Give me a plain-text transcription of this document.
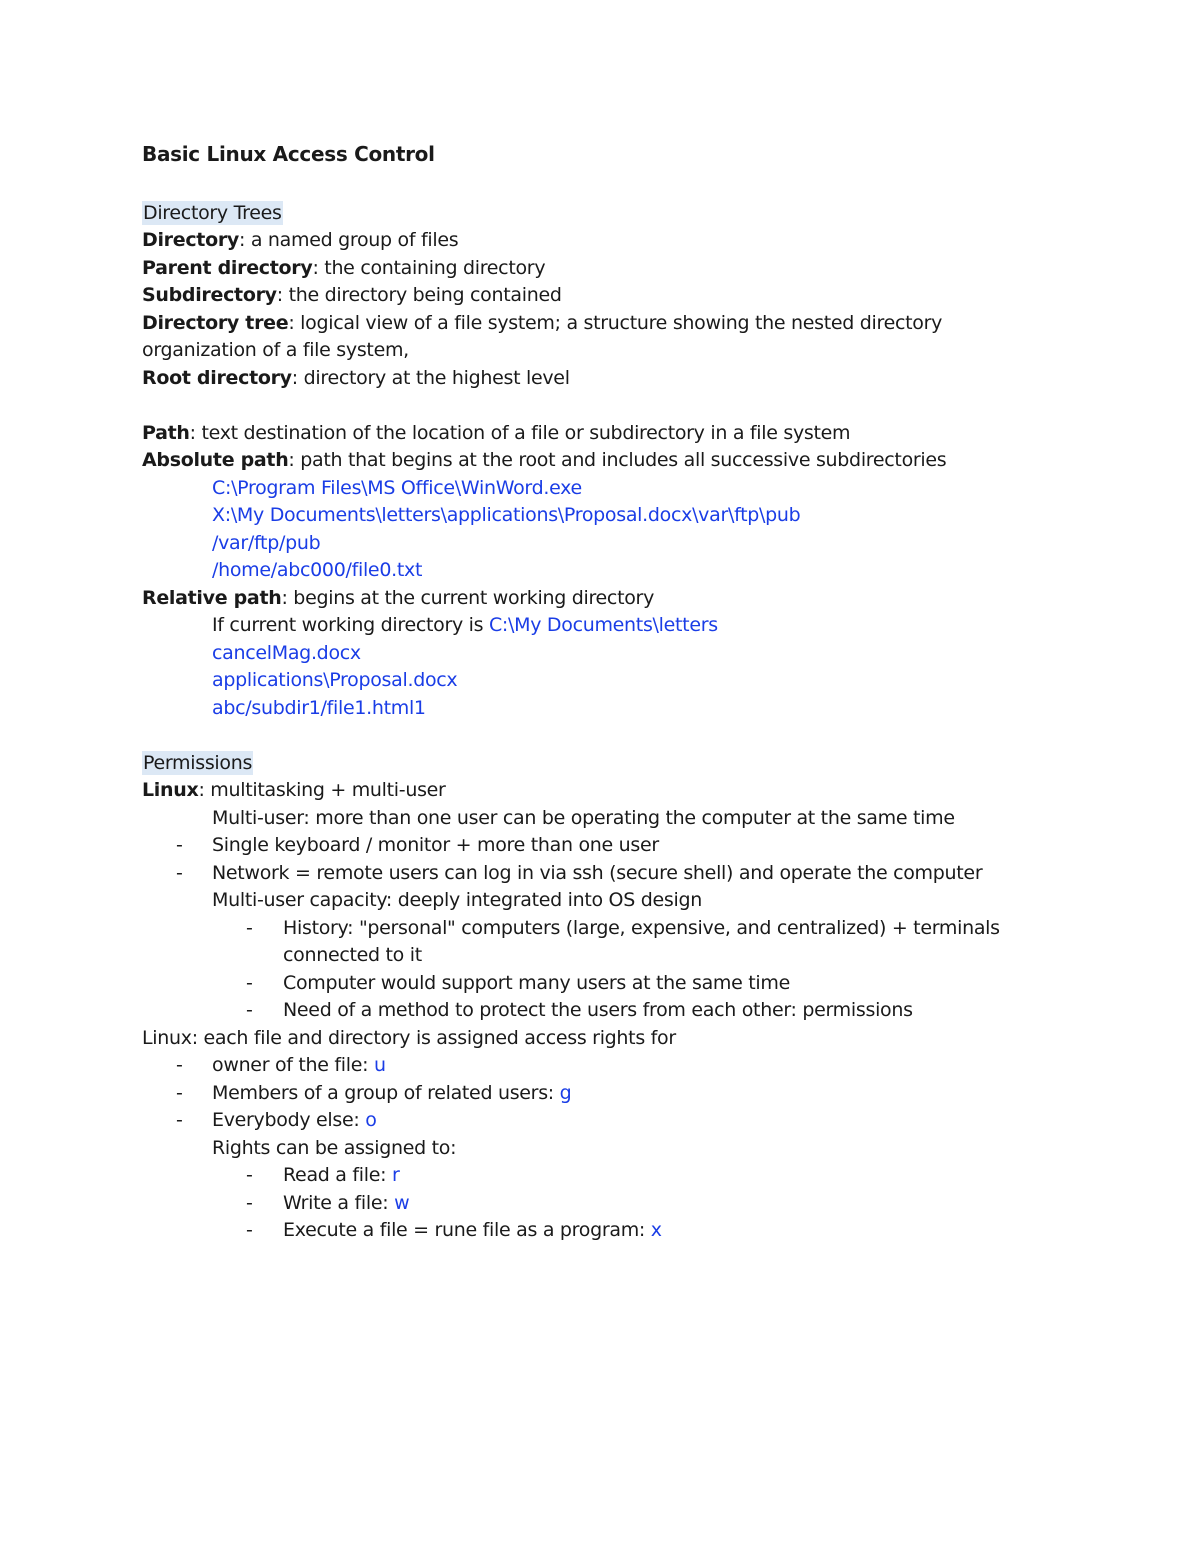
Basic Linux Access Control
Directory Trees
Directory: a named group of files
Parent directory: the containing directory
Subdirectory: the directory being contained
Directory tree: logical view of a file system; a structure showing the nested directory
organization of a file system,
Root directory: directory at the highest level
Path: text destination of the location of a file or subdirectory in a file system
Absolute path: path that begins at the root and includes all successive subdirectories
C:\Program Files\MS Office\WinWord.exe
X:\My Documents\letters\applications\Proposal.docx\var\ftp\pub
/var/ftp/pub
/home/abc000/file0.txt
Relative path: begins at the current working directory
If current working directory is C:\My Documents\letters
cancelMag.docx
applications\Proposal.docx
abc/subdir1/file1.html1
Permissions
Linux: multitasking + multi-user
Multi-user: more than one user can be operating the computer at the same time
- Single keyboard / monitor + more than one user
- Network = remote users can log in via ssh (secure shell) and operate the computer
Multi-user capacity: deeply integrated into OS design
- History: "personal" computers (large, expensive, and centralized) + terminals
connected to it
- Computer would support many users at the same time
- Need of a method to protect the users from each other: permissions
Linux: each file and directory is assigned access rights for
- owner of the file: u
- Members of a group of related users: g
- Everybody else: o
Rights can be assigned to:
- Read a file: r
- Write a file: w
- Execute a file = rune file as a program: x
